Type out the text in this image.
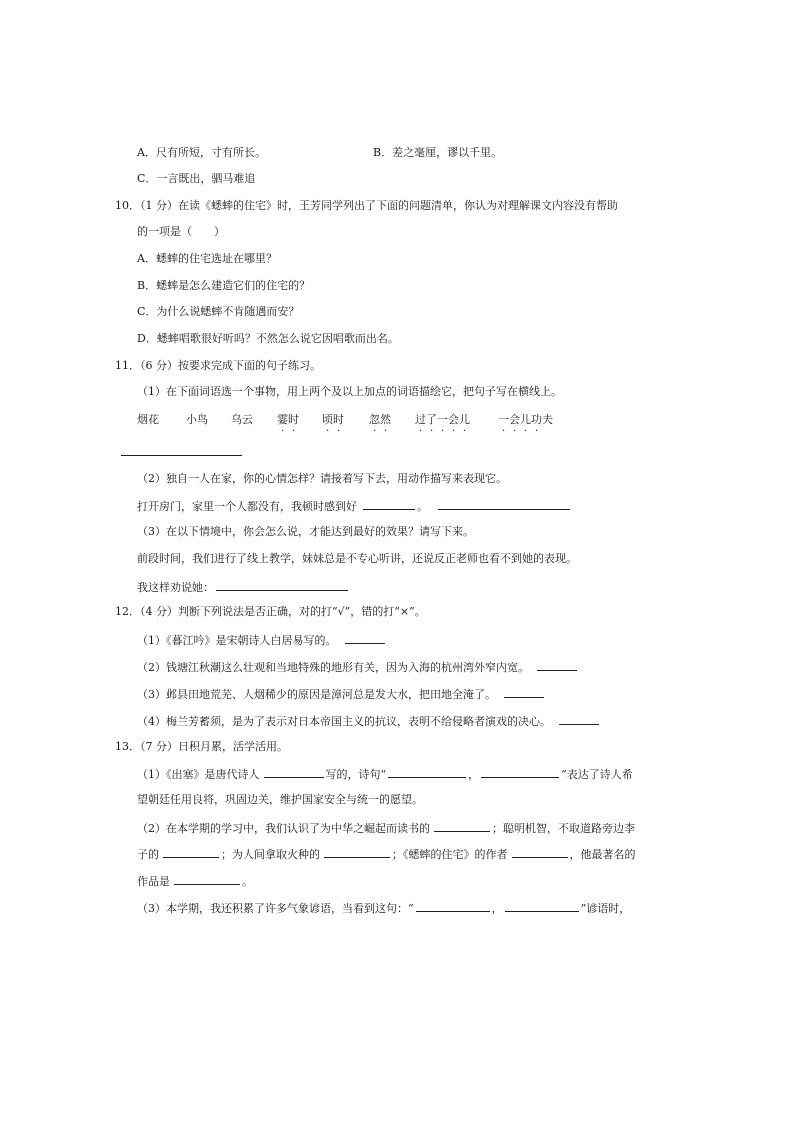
A．尺有所短，寸有所长。	B．差之毫厘，谬以千里。
C．一言既出，驷马难追
10．（1 分）在读《蟋蟀的住宅》时，王芳同学列出了下面的问题清单，你认为对理解课文内容没有帮助
的一项是（　　）
A．蟋蟀的住宅选址在哪里？
B．蟋蟀是怎么建造它们的住宅的？
C．为什么说蟋蟀不肯随遇而安？
D．蟋蟀唱歌很好听吗？不然怎么说它因唱歌而出名。
11．（6 分）按要求完成下面的句子练习。
（1）在下面词语选一个事物，用上两个及以上加点的词语描绘它，把句子写在横线上。
烟花 小鸟 乌云 霎时 顷时 忽然 过了一会儿	一会儿功夫
· ·	· ·	· ·	· · · · ·	· · · ·
（2）独自一人在家，你的心情怎样？请接着写下去，用动作描写来表现它。
打开房门，家里一个人都没有，我顿时感到好	。
（3）在以下情境中，你会怎么说，才能达到最好的效果？请写下来。
前段时间，我们进行了线上教学，妹妹总是不专心听讲，还说反正老师也看不到她的表现。
我这样劝说她：
12．（4 分）判断下列说法是否正确，对的打“√”，错的打“×”。
（1）《暮江吟》是宋朝诗人白居易写的。
（2）钱塘江秋潮这么壮观和当地特殊的地形有关，因为入海的杭州湾外窄内宽。
（3）邺县田地荒芜、人烟稀少的原因是漳河总是发大水，把田地全淹了。
（4）梅兰芳蓄须，是为了表示对日本帝国主义的抗议，表明不给侵略者演戏的决心。
13．（7 分）日积月累，活学活用。
（1）《出塞》是唐代诗人	写的，诗句“	，	”表达了诗人希
望朝廷任用良将，巩固边关，维护国家安全与统一的愿望。
（2）在本学期的学习中，我们认识了为中华之崛起而读书的	；聪明机智，不取道路旁边李
子的	；为人间拿取火种的	；《蟋蟀的住宅》的作者	，他最著名的
作品是	。
（3）本学期，我还积累了许多气象谚语，当看到这句：“	，	”谚语时，
